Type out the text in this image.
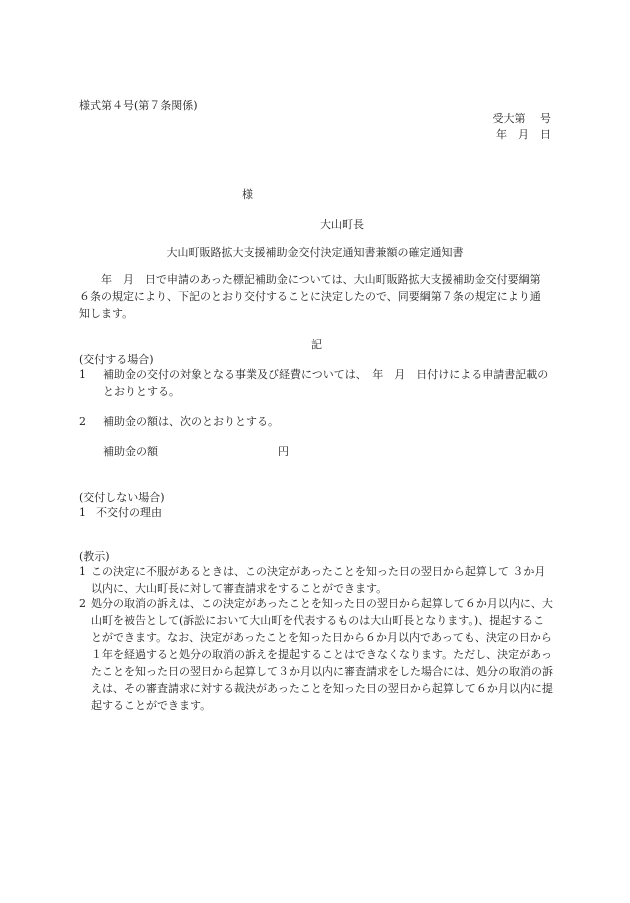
様式第４号(第７条関係)
受大第　 号
年　月　日
様
大山町長
大山町販路拡大支援補助金交付決定通知書兼額の確定通知書
　　年　月　日で申請のあった標記補助金については、大山町販路拡大支援補助金交付要綱第６条の規定により、下記のとおり交付することに決定したので、同要綱第７条の規定により通知します。
記
(交付する場合)
1	補助金の交付の対象となる事業及び経費については、　年　月　日付けによる申請書記載のとおりとする。
2	補助金の額は、次のとおりとする。
補助金の額	円
(交付しない場合)
1 不交付の理由
(教示)
1 この決定に不服があるときは、この決定があったことを知った日の翌日から起算して ３か月以内に、大山町長に対して審査請求をすることができます。
2 処分の取消の訴えは、この決定があったことを知った日の翌日から起算して６か月以内に、大山町を被告として(訴訟において大山町を代表するものは大山町長となります。)、提起することができます。なお、決定があったことを知った日から６か月以内であっても、決定の日から１年を経過すると処分の取消の訴えを提起することはできなくなります。ただし、決定があったことを知った日の翌日から起算して３か月以内に審査請求をした場合には、処分の取消の訴えは、その審査請求に対する裁決があったことを知った日の翌日から起算して６か月以内に提起することができます。
